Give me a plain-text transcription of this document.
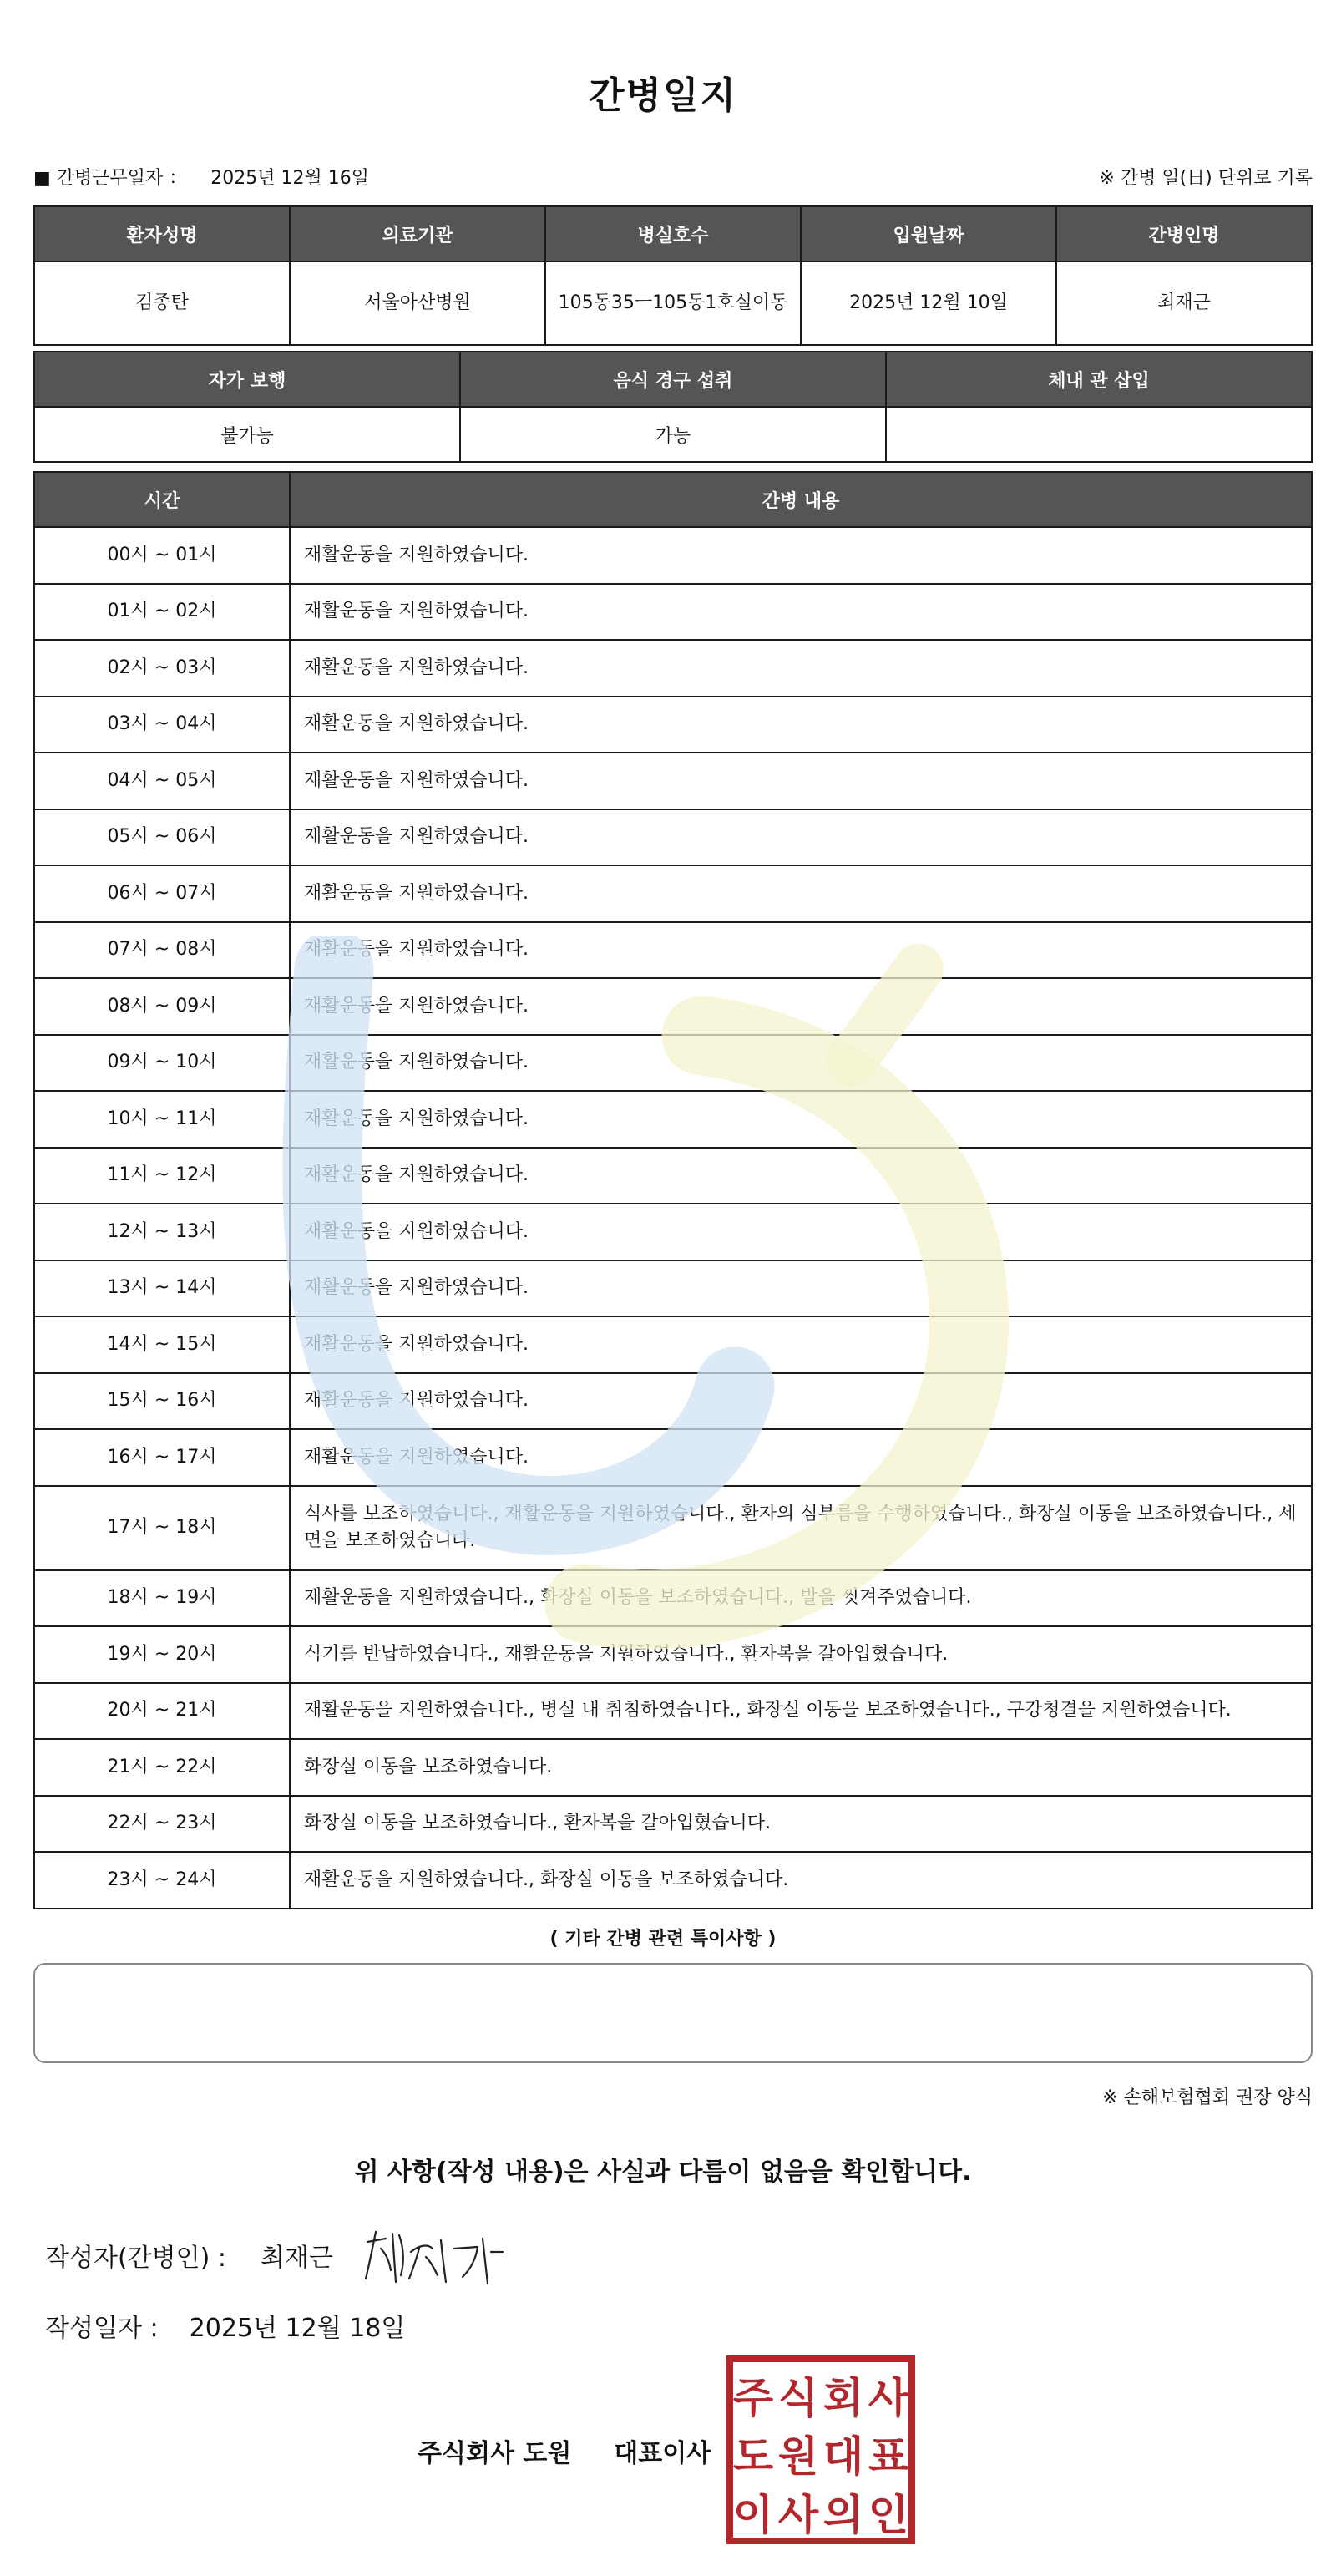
간병일지
■ 간병근무일자 ： 2025년 12월 16일	※ 간병 일(日) 단위로 기록
환자성명	의료기관	병실호수	입원날짜	간병인명
김종탄	서울아산병원	105동35ㅡ105동1호실이동	2025년 12월 10일	최재근
자가 보행	음식 경구 섭취	체내 관 삽입
불가능	가능	
시간	간병 내용
00시 ~ 01시	재활운동을 지원하였습니다.
01시 ~ 02시	재활운동을 지원하였습니다.
02시 ~ 03시	재활운동을 지원하였습니다.
03시 ~ 04시	재활운동을 지원하였습니다.
04시 ~ 05시	재활운동을 지원하였습니다.
05시 ~ 06시	재활운동을 지원하였습니다.
06시 ~ 07시	재활운동을 지원하였습니다.
07시 ~ 08시	재활운동을 지원하였습니다.
08시 ~ 09시	재활운동을 지원하였습니다.
09시 ~ 10시	재활운동을 지원하였습니다.
10시 ~ 11시	재활운동을 지원하였습니다.
11시 ~ 12시	재활운동을 지원하였습니다.
12시 ~ 13시	재활운동을 지원하였습니다.
13시 ~ 14시	재활운동을 지원하였습니다.
14시 ~ 15시	재활운동을 지원하였습니다.
15시 ~ 16시	재활운동을 지원하였습니다.
16시 ~ 17시	재활운동을 지원하였습니다.
17시 ~ 18시	식사를 보조하였습니다., 재활운동을 지원하였습니다., 환자의 심부름을 수행하였습니다., 화장실 이동을 보조하였습니다., 세면을 보조하였습니다.
18시 ~ 19시	재활운동을 지원하였습니다., 화장실 이동을 보조하였습니다., 발을 씻겨주었습니다.
19시 ~ 20시	식기를 반납하였습니다., 재활운동을 지원하였습니다., 환자복을 갈아입혔습니다.
20시 ~ 21시	재활운동을 지원하였습니다., 병실 내 취침하였습니다., 화장실 이동을 보조하였습니다., 구강청결을 지원하였습니다.
21시 ~ 22시	화장실 이동을 보조하였습니다.
22시 ~ 23시	화장실 이동을 보조하였습니다., 환자복을 갈아입혔습니다.
23시 ~ 24시	재활운동을 지원하였습니다., 화장실 이동을 보조하였습니다.
( 기타 간병 관련 특이사항 )
※ 손해보험협회 권장 양식
위 사항(작성 내용)은 사실과 다름이 없음을 확인합니다.
작성자(간병인) : 최재근
작성일자 : 2025년 12월 18일
주식회사 도원 대표이사
주 식 회 사
도 원 대 표
이 사 의 인
